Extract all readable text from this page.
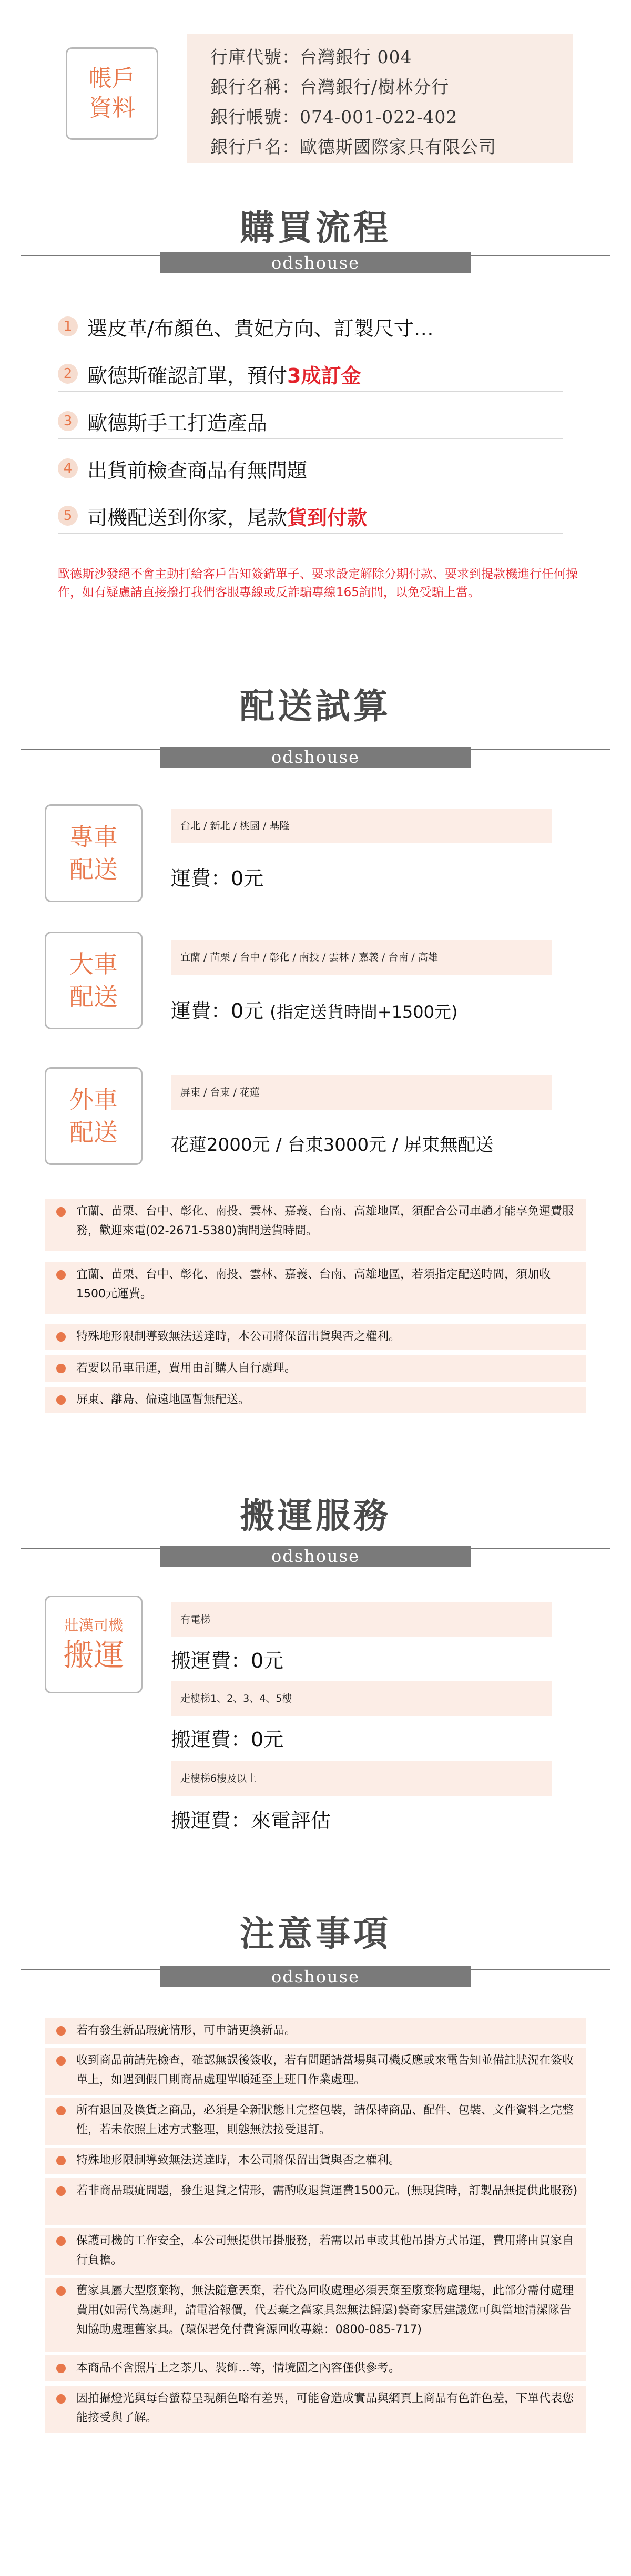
帳戶
資料
行庫代號：台灣銀行 004
銀行名稱：台灣銀行/樹林分行
銀行帳號：074-001-022-402
銀行戶名：歐德斯國際家具有限公司
購買流程
odshouse
1 選皮革/布顏色、貴妃方向、訂製尺寸…
2 歐德斯確認訂單，預付3成訂金
3 歐德斯手工打造產品
4 出貨前檢查商品有無問題
5 司機配送到你家，尾款貨到付款
歐德斯沙發絕不會主動打給客戶告知簽錯單子、要求設定解除分期付款、要求到提款機進行任何操作，如有疑慮請直接撥打我們客服專線或反詐騙專線165詢問，以免受騙上當。
配送試算
odshouse
專車
配送
台北 / 新北 / 桃園 / 基隆
運費：0元
大車
配送
宜蘭 / 苗栗 / 台中 / 彰化 / 南投 / 雲林 / 嘉義 / 台南 / 高雄
運費：0元 (指定送貨時間+1500元)
外車
配送
屏東 / 台東 / 花蓮
花蓮2000元 / 台東3000元 / 屏東無配送
宜蘭、苗栗、台中、彰化、南投、雲林、嘉義、台南、高雄地區，須配合公司車趟才能享免運費服務，歡迎來電(02-2671-5380)詢問送貨時間。
宜蘭、苗栗、台中、彰化、南投、雲林、嘉義、台南、高雄地區，若須指定配送時間，須加收1500元運費。
特殊地形限制導致無法送達時，本公司將保留出貨與否之權利。
若要以吊車吊運，費用由訂購人自行處理。
屏東、離島、偏遠地區暫無配送。
搬運服務
odshouse
壯漢司機
搬運
有電梯
搬運費：0元
走樓梯1、2、3、4、5樓
搬運費：0元
走樓梯6樓及以上
搬運費：來電評估
注意事項
odshouse
若有發生新品瑕疵情形，可申請更換新品。
收到商品前請先檢查，確認無誤後簽收，若有問題請當場與司機反應或來電告知並備註狀況在簽收單上，如遇到假日則商品處理單順延至上班日作業處理。
所有退回及換貨之商品，必須是全新狀態且完整包裝，請保持商品、配件、包裝、文件資料之完整性，若未依照上述方式整理，則態無法接受退訂。
特殊地形限制導致無法送達時，本公司將保留出貨與否之權利。
若非商品瑕疵問題，發生退貨之情形，需酌收退貨運費1500元。(無現貨時，訂製品無提供此服務)
保護司機的工作安全，本公司無提供吊掛服務，若需以吊車或其他吊掛方式吊運，費用將由買家自行負擔。
舊家具屬大型廢棄物，無法隨意丟棄，若代為回收處理必須丟棄至廢棄物處理場，此部分需付處理費用(如需代為處理，請電洽報價，代丟棄之舊家具恕無法歸還)藝奇家居建議您可與當地清潔隊告知協助處理舊家具。(環保署免付費資源回收專線：0800-085-717)
本商品不含照片上之茶几、裝飾…等，情境圖之內容僅供參考。
因拍攝燈光與每台螢幕呈現顏色略有差異，可能會造成實品與網頁上商品有色許色差，下單代表您能接受與了解。
